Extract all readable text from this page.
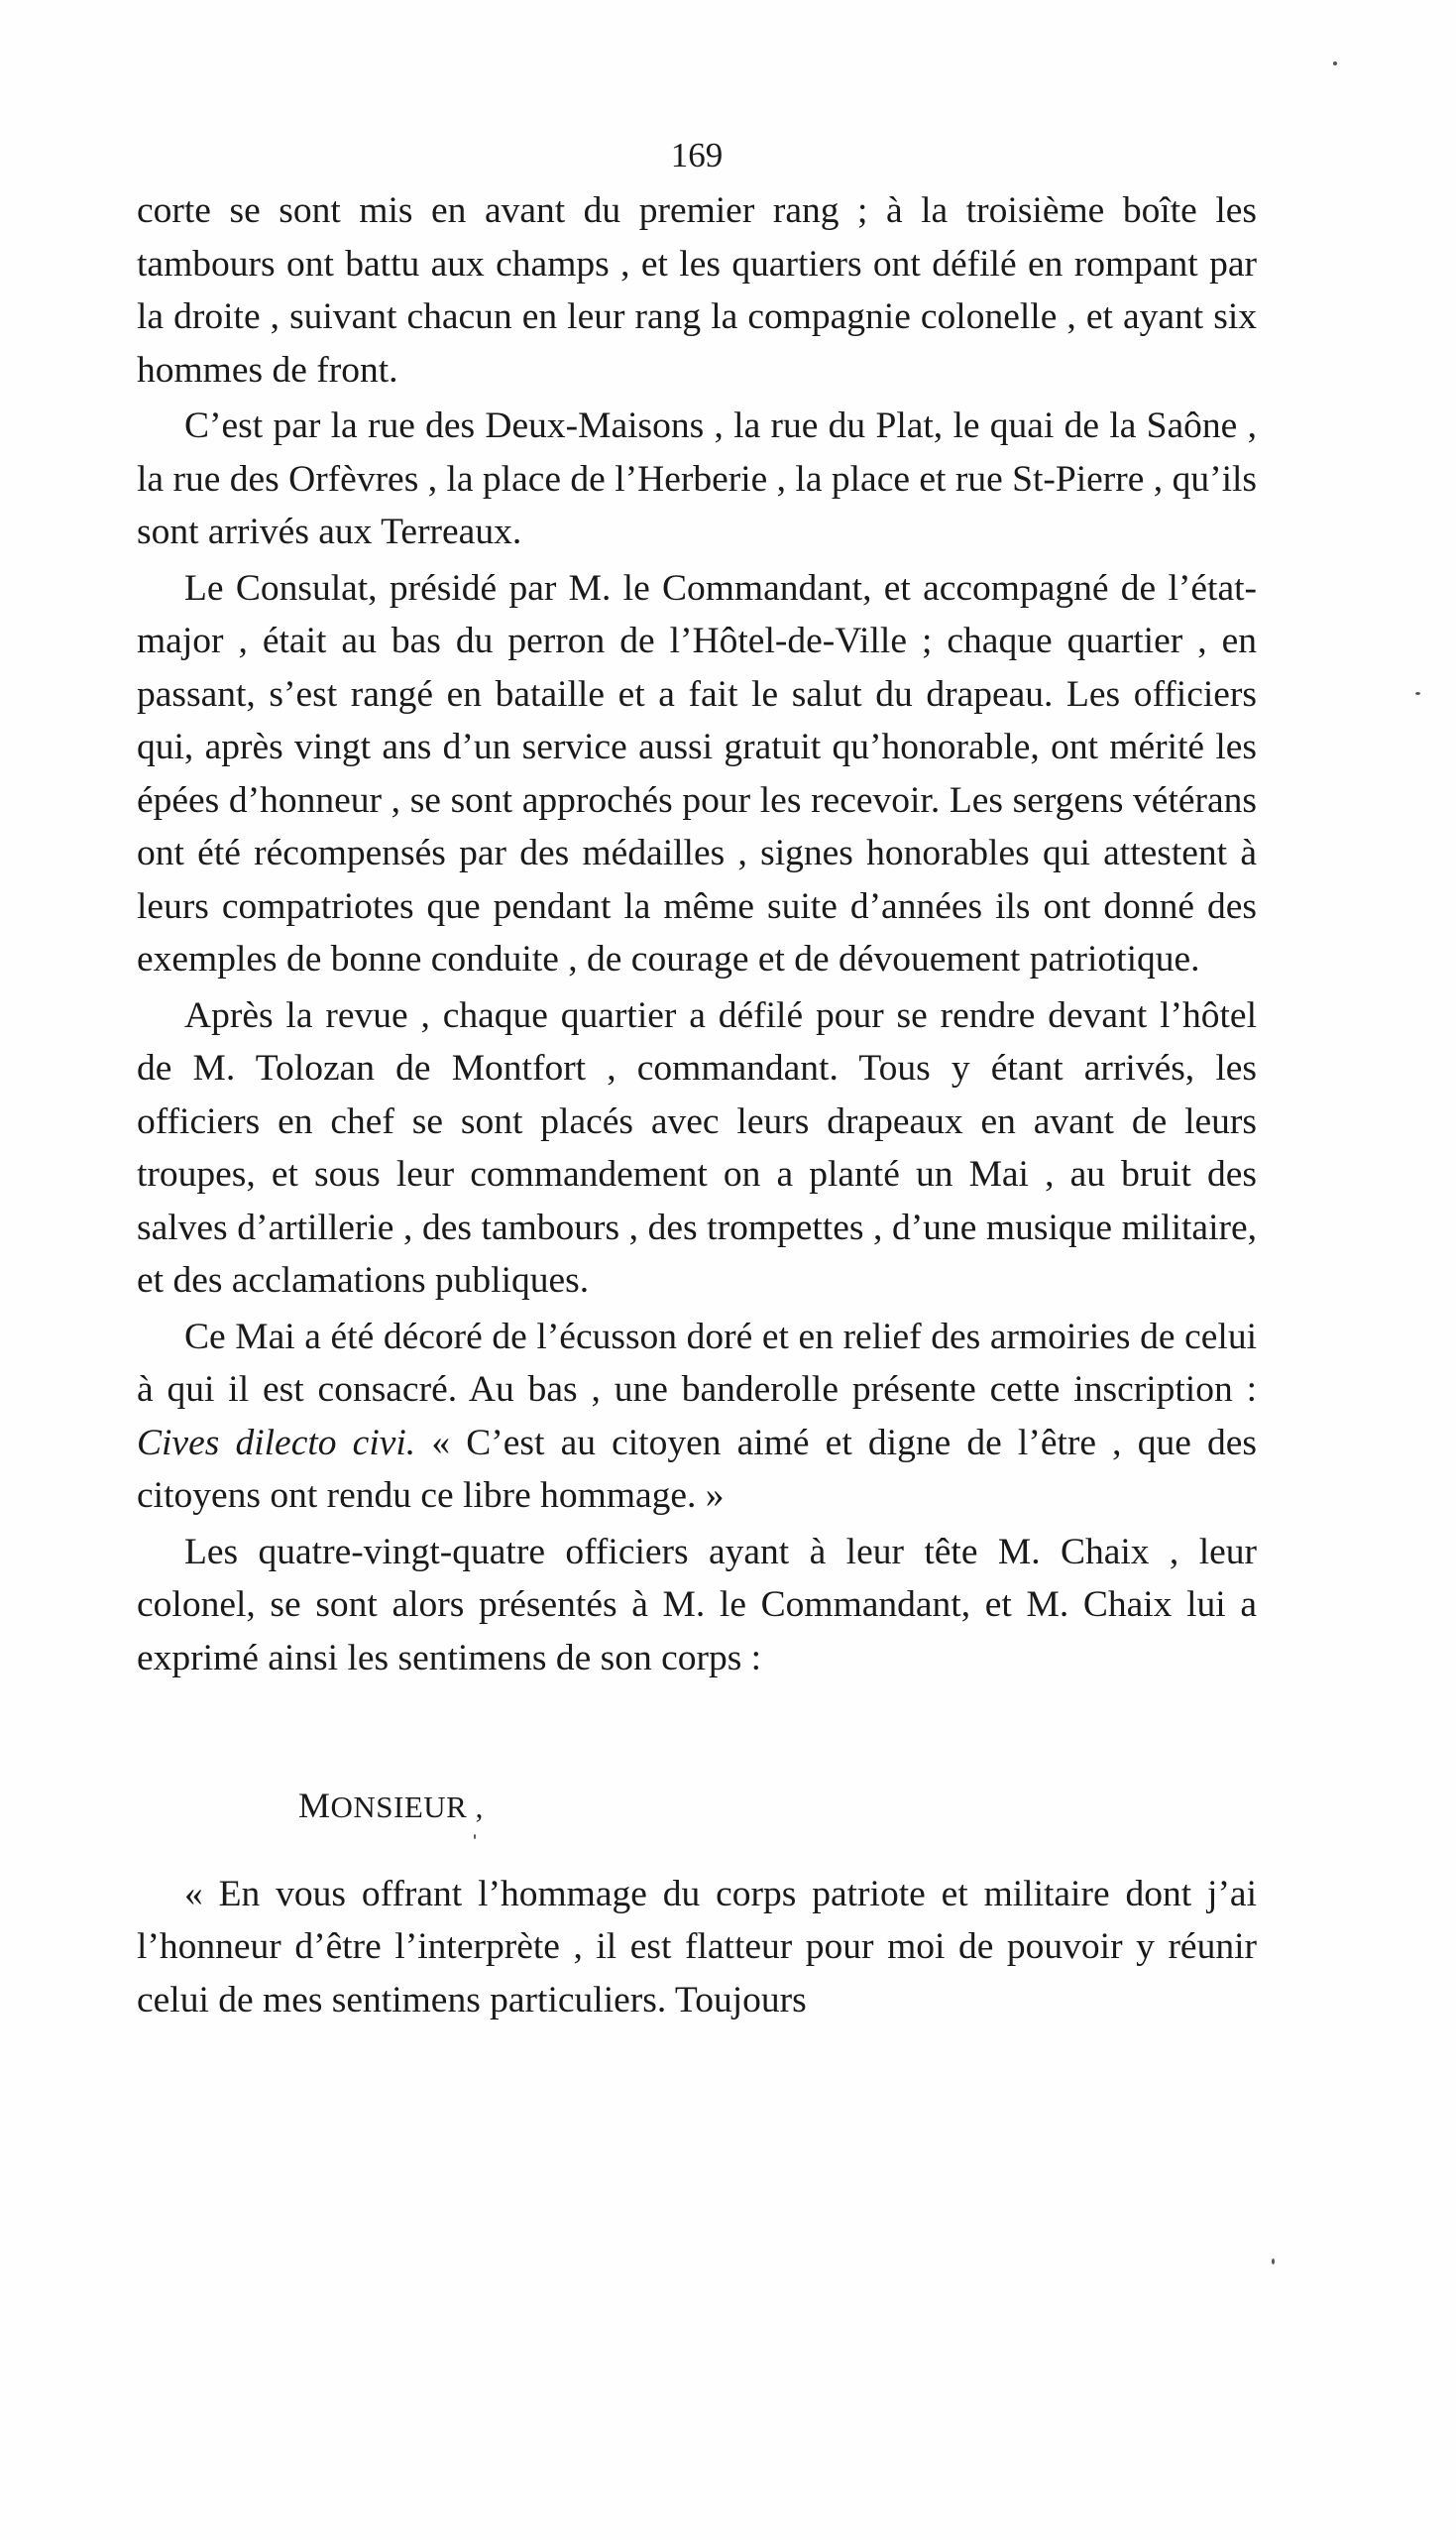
169

corte se sont mis en avant du premier rang ; à la troisième boîte les tambours ont battu aux champs , et les quartiers ont défilé en rompant par la droite , suivant chacun en leur rang la compagnie colonelle , et ayant six hommes de front.

C’est par la rue des Deux-Maisons , la rue du Plat, le quai de la Saône , la rue des Orfèvres , la place de l’Herberie , la place et rue St-Pierre , qu’ils sont arrivés aux Terreaux.

Le Consulat, présidé par M. le Commandant, et accompagné de l’état-major , était au bas du perron de l’Hôtel-de-Ville ; chaque quartier , en passant, s’est rangé en bataille et a fait le salut du drapeau. Les officiers qui, après vingt ans d’un service aussi gratuit qu’honorable, ont mérité les épées d’honneur , se sont approchés pour les recevoir. Les sergens vétérans ont été récompensés par des médailles , signes honorables qui attestent à leurs compatriotes que pendant la même suite d’années ils ont donné des exemples de bonne conduite , de courage et de dévouement patriotique.

Après la revue , chaque quartier a défilé pour se rendre devant l’hôtel de M. Tolozan de Montfort , commandant. Tous y étant arrivés, les officiers en chef se sont placés avec leurs drapeaux en avant de leurs troupes, et sous leur commandement on a planté un Mai , au bruit des salves d’artillerie , des tambours , des trompettes , d’une musique militaire, et des acclamations publiques.

Ce Mai a été décoré de l’écusson doré et en relief des armoiries de celui à qui il est consacré. Au bas , une banderolle présente cette inscription : Cives dilecto civi. « C’est au citoyen aimé et digne de l’être , que des citoyens ont rendu ce libre hommage. »

Les quatre-vingt-quatre officiers ayant à leur tête M. Chaix , leur colonel, se sont alors présentés à M. le Commandant, et M. Chaix lui a exprimé ainsi les sentimens de son corps :

MONSIEUR ,

« En vous offrant l’hommage du corps patriote et militaire dont j’ai l’honneur d’être l’interprète , il est flatteur pour moi de pouvoir y réunir celui de mes sentimens particuliers. Toujours
